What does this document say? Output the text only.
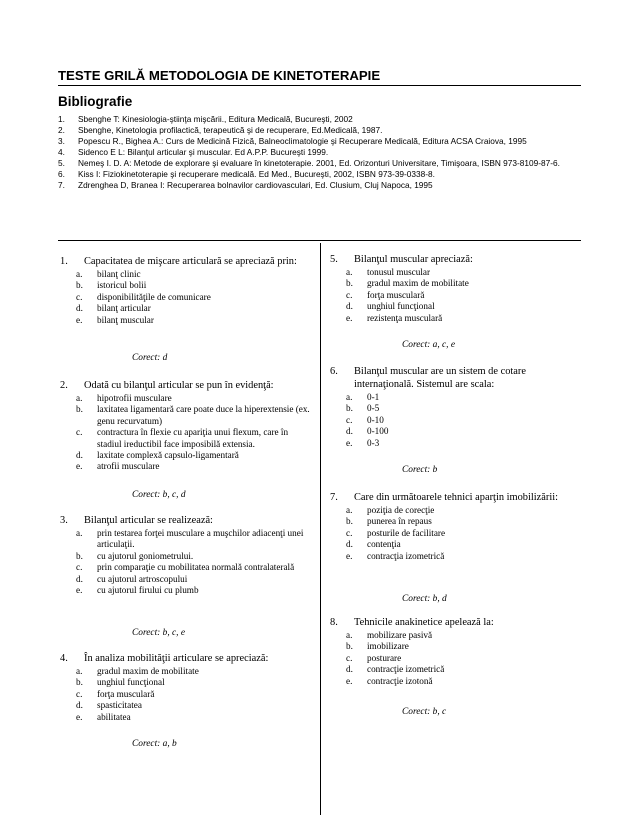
TESTE GRILĂ METODOLOGIA DE KINETOTERAPIE
Bibliografie
1. Sbenghe T: Kinesiologia-ştiinţa mişcării., Editura Medicală, Bucureşti, 2002
2. Sbenghe, Kinetologia profilactică, terapeutică şi de recuperare, Ed.Medicală, 1987.
3. Popescu R., Bighea A.: Curs de Medicină Fizică, Balneoclimatologie şi Recuperare Medicală, Editura ACSA Craiova, 1995
4. Sidenco E L: Bilanţul articular şi muscular. Ed A.P.P. Bucureşti 1999.
5. Nemeş I. D. A: Metode de explorare şi evaluare în kinetoterapie. 2001, Ed. Orizonturi Universitare, Timişoara, ISBN 973-8109-87-6.
6. Kiss I: Fiziokinetoterapie şi recuperare medicală. Ed Med., Bucureşti, 2002, ISBN 973-39-0338-8.
7. Zdrenghea D, Branea I: Recuperarea bolnavilor cardiovasculari, Ed. Clusium, Cluj Napoca, 1995
1. Capacitatea de mişcare articulară se apreciază prin:
a. bilanţ clinic
b. istoricul bolii
c. disponibilităţile de comunicare
d. bilanţ articular
e. bilanţ muscular
Corect: d
2. Odată cu bilanţul articular se pun în evidenţă:
a. hipotrofii musculare
b. laxitatea ligamentară care poate duce la hiperextensie (ex. genu recurvatum)
c. contractura în flexie cu apariţia unui flexum, care în stadiul ireductibil face imposibilă extensia.
d. laxitate complexă capsulo-ligamentară
e. atrofii musculare
Corect: b, c, d
3. Bilanţul articular se realizează:
a. prin testarea forţei musculare a muşchilor adiacenţi unei articulaţii.
b. cu ajutorul goniometrului.
c. prin comparaţie cu mobilitatea normală contralaterală
d. cu ajutorul artroscopului
e. cu ajutorul firului cu plumb
Corect: b, c, e
4. În analiza mobilităţii articulare se apreciază:
a. gradul maxim de mobilitate
b. unghiul funcţional
c. forţa musculară
d. spasticitatea
e. abilitatea
Corect: a, b
5. Bilanţul muscular apreciază:
a. tonusul muscular
b. gradul maxim de mobilitate
c. forţa musculară
d. unghiul funcţional
e. rezistenţa musculară
Corect: a, c, e
6. Bilanţul muscular are un sistem de cotare internaţională. Sistemul are scala:
a. 0-1
b. 0-5
c. 0-10
d. 0-100
e. 0-3
Corect: b
7. Care din următoarele tehnici aparţin imobilizării:
a. poziţia de corecţie
b. punerea în repaus
c. posturile de facilitare
d. contenţia
e. contracţia izometrică
Corect: b, d
8. Tehnicile anakinetice apelează la:
a. mobilizare pasivă
b. imobilizare
c. posturare
d. contracţie izometrică
e. contracţie izotonă
Corect: b, c
